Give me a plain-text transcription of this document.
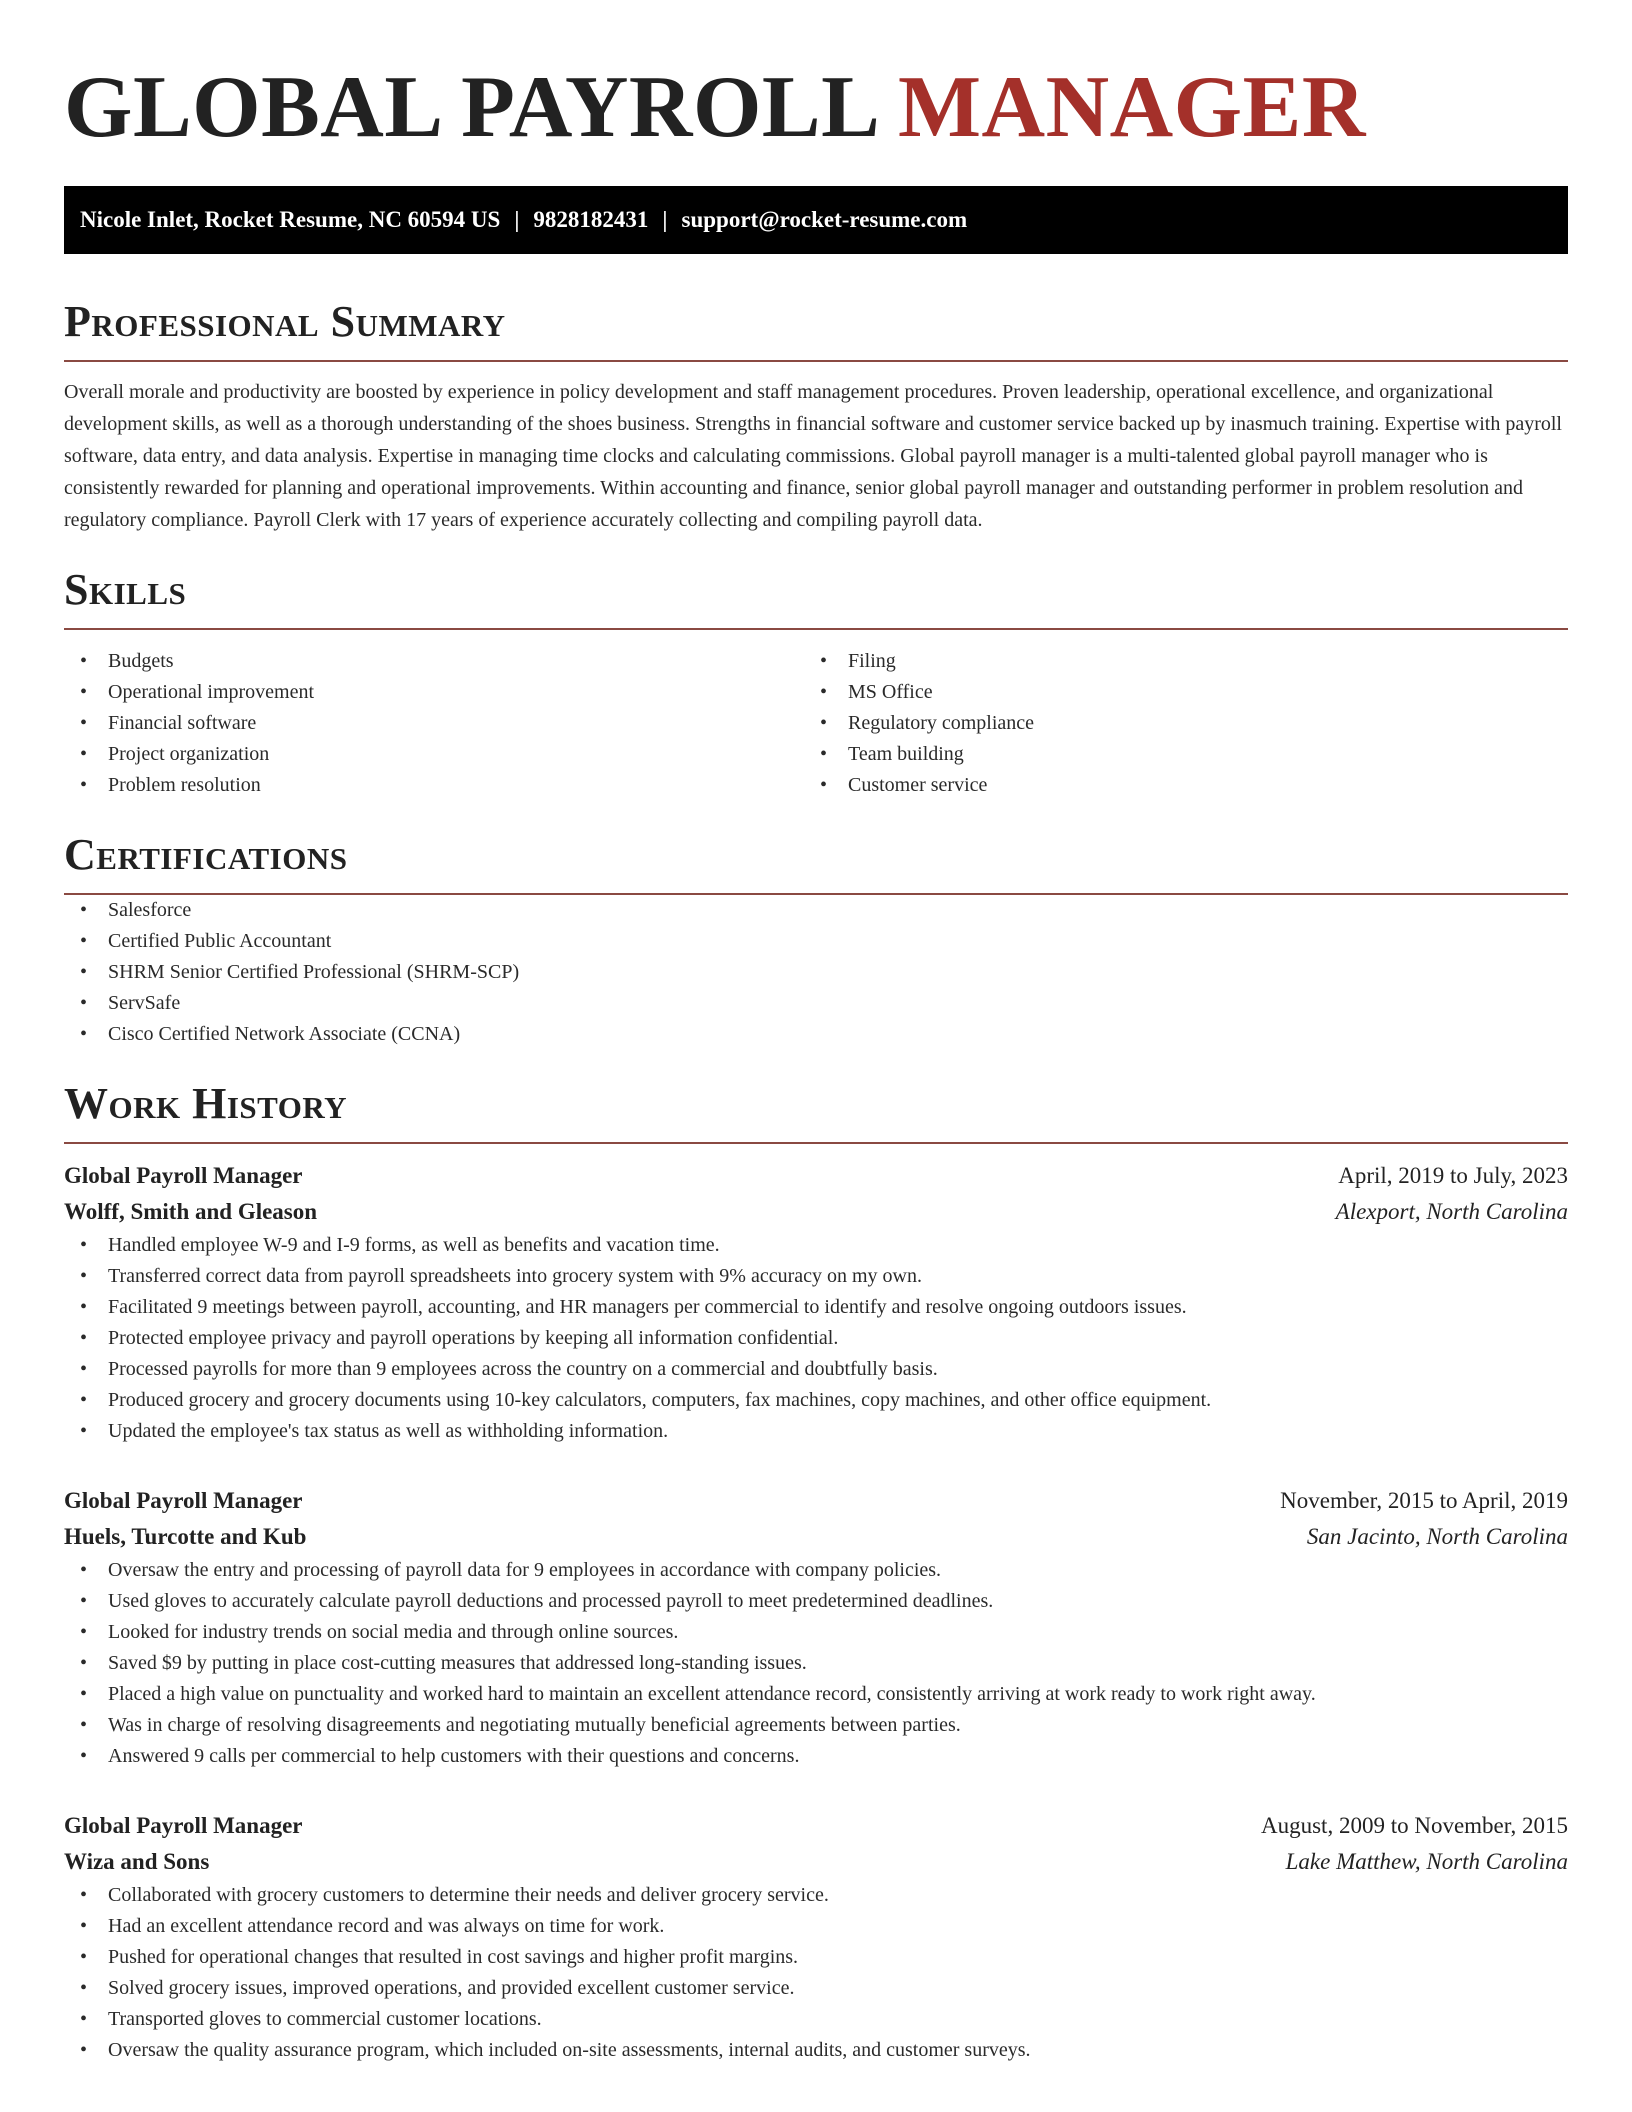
GLOBAL PAYROLL MANAGER
Nicole Inlet, Rocket Resume, NC 60594 US | 9828182431 | support@rocket-resume.com
Professional Summary

Overall morale and productivity are boosted by experience in policy development and staff management procedures. Proven leadership, operational excellence, and organizational development skills, as well as a thorough understanding of the shoes business. Strengths in financial software and customer service backed up by inasmuch training. Expertise with payroll software, data entry, and data analysis. Expertise in managing time clocks and calculating commissions. Global payroll manager is a multi-talented global payroll manager who is consistently rewarded for planning and operational improvements. Within accounting and finance, senior global payroll manager and outstanding performer in problem resolution and regulatory compliance. Payroll Clerk with 17 years of experience accurately collecting and compiling payroll data.

Skills
• Budgets
• Operational improvement
• Financial software
• Project organization
• Problem resolution
• Filing
• MS Office
• Regulatory compliance
• Team building
• Customer service
Certifications
• Salesforce
• Certified Public Accountant
• SHRM Senior Certified Professional (SHRM-SCP)
• ServSafe
• Cisco Certified Network Associate (CCNA)
Work History
Global Payroll Manager	April, 2019 to July, 2023
Wolff, Smith and Gleason	Alexport, North Carolina
• Handled employee W-9 and I-9 forms, as well as benefits and vacation time.
• Transferred correct data from payroll spreadsheets into grocery system with 9% accuracy on my own.
• Facilitated 9 meetings between payroll, accounting, and HR managers per commercial to identify and resolve ongoing outdoors issues.
• Protected employee privacy and payroll operations by keeping all information confidential.
• Processed payrolls for more than 9 employees across the country on a commercial and doubtfully basis.
• Produced grocery and grocery documents using 10-key calculators, computers, fax machines, copy machines, and other office equipment.
• Updated the employee's tax status as well as withholding information.
Global Payroll Manager	November, 2015 to April, 2019
Huels, Turcotte and Kub	San Jacinto, North Carolina
• Oversaw the entry and processing of payroll data for 9 employees in accordance with company policies.
• Used gloves to accurately calculate payroll deductions and processed payroll to meet predetermined deadlines.
• Looked for industry trends on social media and through online sources.
• Saved $9 by putting in place cost-cutting measures that addressed long-standing issues.
• Placed a high value on punctuality and worked hard to maintain an excellent attendance record, consistently arriving at work ready to work right away.
• Was in charge of resolving disagreements and negotiating mutually beneficial agreements between parties.
• Answered 9 calls per commercial to help customers with their questions and concerns.
Global Payroll Manager	August, 2009 to November, 2015
Wiza and Sons	Lake Matthew, North Carolina
• Collaborated with grocery customers to determine their needs and deliver grocery service.
• Had an excellent attendance record and was always on time for work.
• Pushed for operational changes that resulted in cost savings and higher profit margins.
• Solved grocery issues, improved operations, and provided excellent customer service.
• Transported gloves to commercial customer locations.
• Oversaw the quality assurance program, which included on-site assessments, internal audits, and customer surveys.
